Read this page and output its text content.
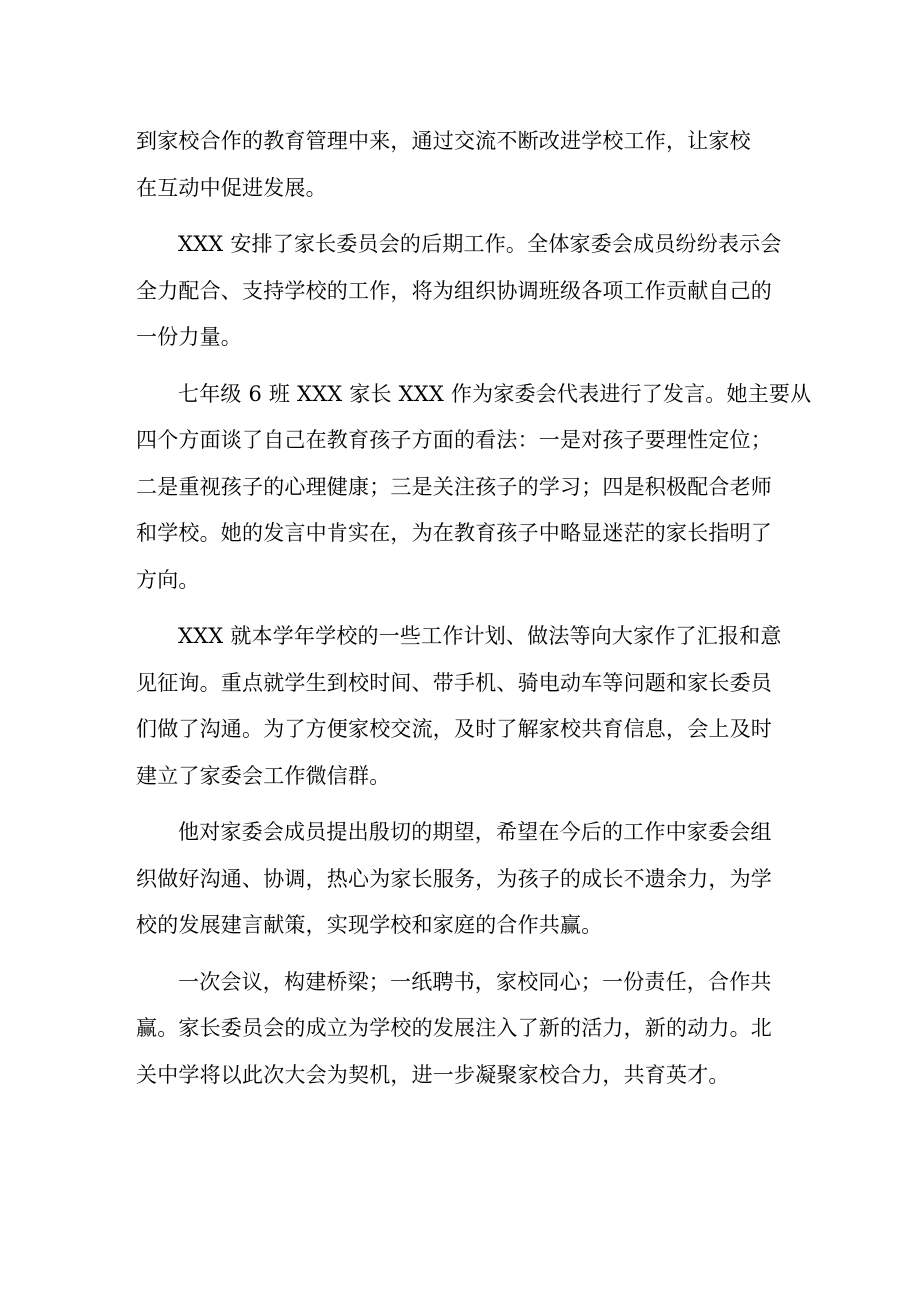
到家校合作的教育管理中来，通过交流不断改进学校工作，让家校
在互动中促进发展。
XXX 安排了家长委员会的后期工作。全体家委会成员纷纷表示会
全力配合、支持学校的工作，将为组织协调班级各项工作贡献自己的
一份力量。
七年级 6 班 XXX 家长 XXX 作为家委会代表进行了发言。她主要从
四个方面谈了自己在教育孩子方面的看法：一是对孩子要理性定位；
二是重视孩子的心理健康；三是关注孩子的学习；四是积极配合老师
和学校。她的发言中肯实在，为在教育孩子中略显迷茫的家长指明了
方向。
XXX 就本学年学校的一些工作计划、做法等向大家作了汇报和意
见征询。重点就学生到校时间、带手机、骑电动车等问题和家长委员
们做了沟通。为了方便家校交流，及时了解家校共育信息，会上及时
建立了家委会工作微信群。
他对家委会成员提出殷切的期望，希望在今后的工作中家委会组
织做好沟通、协调，热心为家长服务，为孩子的成长不遗余力，为学
校的发展建言献策，实现学校和家庭的合作共赢。
一次会议，构建桥梁；一纸聘书，家校同心；一份责任，合作共
赢。家长委员会的成立为学校的发展注入了新的活力，新的动力。北
关中学将以此次大会为契机，进一步凝聚家校合力，共育英才。
